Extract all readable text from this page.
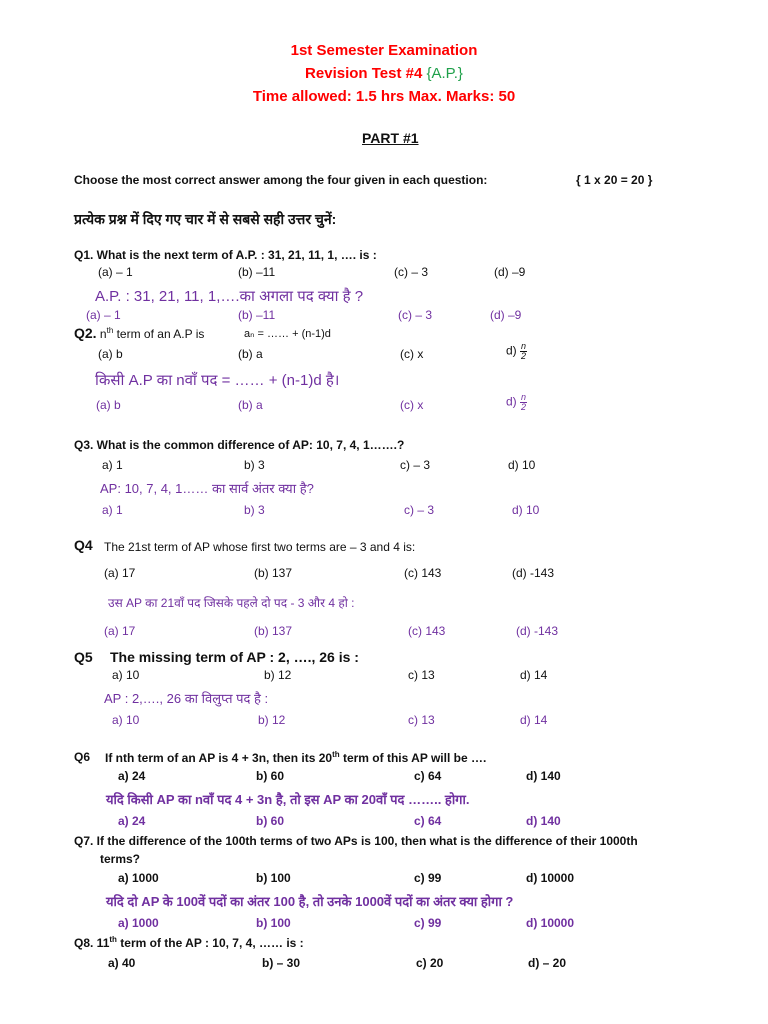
1st Semester Examination
Revision Test #4 {A.P.}
Time allowed: 1.5 hrs Max. Marks: 50
PART #1
Choose the most correct answer among the four given in each question:	{ 1 x 20 = 20 }
प्रत्येक प्रश्न में दिए गए चार में से सबसे सही उत्तर चुनें:
Q1. What is the next term of A.P. : 31, 21, 11, 1, …. is :
(a) – 1	(b) –11	(c) – 3	(d) –9
A.P. : 31, 21, 11, 1,….का अगला पद क्या है ?
(a) – 1	(b) –11	(c) – 3	(d) –9
Q2. $n^{th}$ term of an A.P is	aₙ = …… + (n-1)d
(a) b	(b) a	(c) x	$d) \frac{n}{2}$
किसी A.P का nवाँ पद = …… + (n-1)d है।
(a) b	(b) a	(c) x	$d) \frac{n}{2}$
Q3. What is the common difference of AP: 10, 7, 4, 1…….?
a) 1	b) 3	c) – 3	d) 10
AP: 10, 7, 4, 1…… का सार्व अंतर क्या है?
a) 1	b) 3	c) – 3	d) 10
Q4 The 21st term of AP whose first two terms are – 3 and 4 is:
(a) 17	(b) 137	(c) 143	(d) -143
उस AP का 21वाँ पद जिसके पहले दो पद - 3 और 4 हो :
(a) 17	(b) 137	(c) 143	(d) -143
Q5 The missing term of AP : 2, …., 26 is :
a) 10	b) 12	c) 13	d) 14
AP : 2,…., 26 का विलुप्त पद है :
a) 10	b) 12	c) 13	d) 14
Q6 If nth term of an AP is 4 + 3n, then its 20th term of this AP will be ….
a) 24	b) 60	c) 64	d) 140
यदि किसी AP का nवाँ पद 4 + 3n है, तो इस AP का 20वाँ पद …….. होगा.
a) 24	b) 60	c) 64	d) 140
Q7. If the difference of the 100th terms of two APs is 100, then what is the difference of their 1000th
terms?
a) 1000	b) 100	c) 99	d) 10000
यदि दो AP के 100वें पदों का अंतर 100 है, तो उनके 1000वें पदों का अंतर क्या होगा ?
a) 1000	b) 100	c) 99	d) 10000
Q8. 11th term of the AP : 10, 7, 4, …… is :
a) 40	b) – 30	c) 20	d) – 20
